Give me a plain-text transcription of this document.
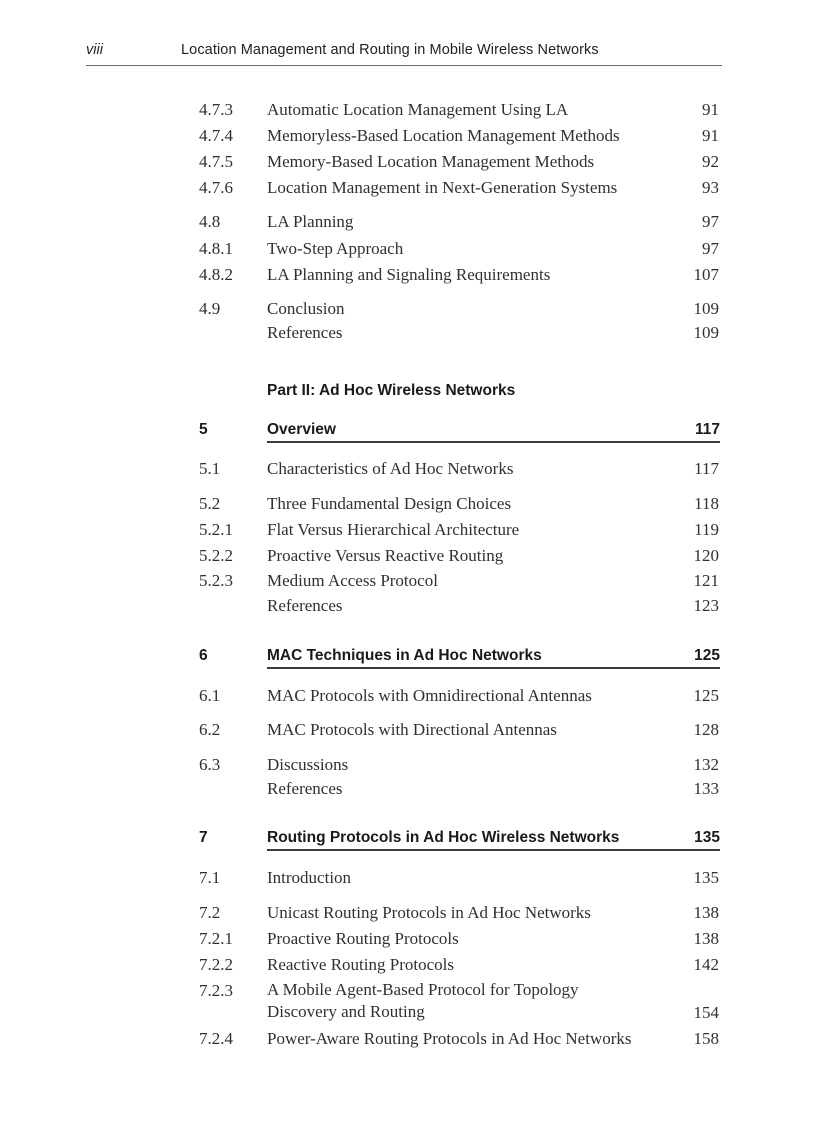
viii	Location Management and Routing in Mobile Wireless Networks
4.7.3 Automatic Location Management Using LA	91
4.7.4 Memoryless-Based Location Management Methods	91
4.7.5 Memory-Based Location Management Methods	92
4.7.6 Location Management in Next-Generation Systems	93
4.8	LA Planning	97
4.8.1 Two-Step Approach	97
4.8.2 LA Planning and Signaling Requirements	107
4.9	Conclusion	109
References	109
Part II: Ad Hoc Wireless Networks
5	Overview	117
5.1	Characteristics of Ad Hoc Networks	117
5.2	Three Fundamental Design Choices	118
5.2.1 Flat Versus Hierarchical Architecture	119
5.2.2 Proactive Versus Reactive Routing	120
5.2.3 Medium Access Protocol	121
References	123
6	MAC Techniques in Ad Hoc Networks	125
6.1	MAC Protocols with Omnidirectional Antennas	125
6.2	MAC Protocols with Directional Antennas	128
6.3	Discussions	132
References	133
7	Routing Protocols in Ad Hoc Wireless Networks	135
7.1	Introduction	135
7.2	Unicast Routing Protocols in Ad Hoc Networks	138
7.2.1 Proactive Routing Protocols	138
7.2.2 Reactive Routing Protocols	142
7.2.3 A Mobile Agent-Based Protocol for Topology
Discovery and Routing	154
7.2.4 Power-Aware Routing Protocols in Ad Hoc Networks	158
